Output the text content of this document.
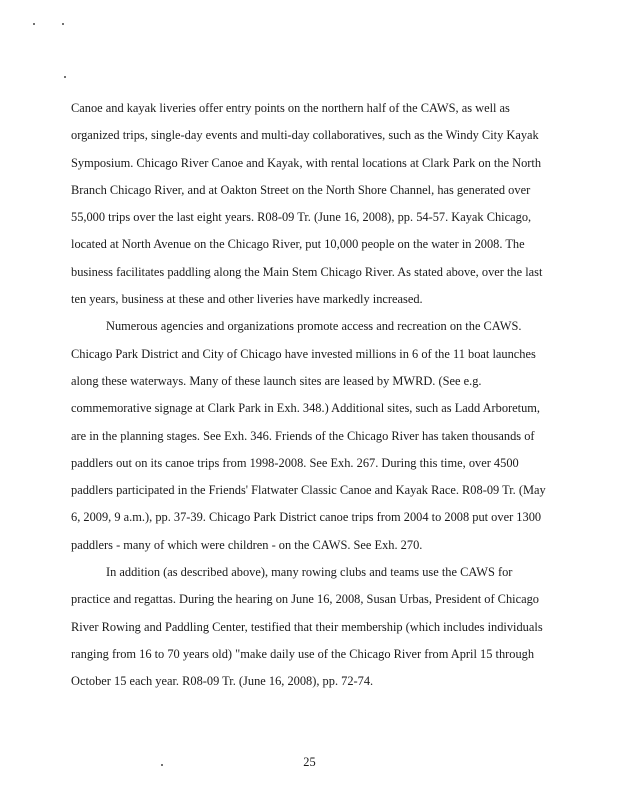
Canoe and kayak liveries offer entry points on the northern half of the CAWS, as well as
organized trips, single-day events and multi-day collaboratives, such as the Windy City Kayak
Symposium. Chicago River Canoe and Kayak, with rental locations at Clark Park on the North
Branch Chicago River, and at Oakton Street on the North Shore Channel, has generated over
55,000 trips over the last eight years. R08-09 Tr. (June 16, 2008), pp. 54-57. Kayak Chicago,
located at North Avenue on the Chicago River, put 10,000 people on the water in 2008. The
business facilitates paddling along the Main Stem Chicago River. As stated above, over the last
ten years, business at these and other liveries have markedly increased.
Numerous agencies and organizations promote access and recreation on the CAWS.
Chicago Park District and City of Chicago have invested millions in 6 of the 11 boat launches
along these waterways. Many of these launch sites are leased by MWRD. (See e.g.
commemorative signage at Clark Park in Exh. 348.) Additional sites, such as Ladd Arboretum,
are in the planning stages. See Exh. 346. Friends of the Chicago River has taken thousands of
paddlers out on its canoe trips from 1998-2008. See Exh. 267. During this time, over 4500
paddlers participated in the Friends' Flatwater Classic Canoe and Kayak Race. R08-09 Tr. (May
6, 2009, 9 a.m.), pp. 37-39. Chicago Park District canoe trips from 2004 to 2008 put over 1300
paddlers - many of which were children - on the CAWS. See Exh. 270.
In addition (as described above), many rowing clubs and teams use the CAWS for
practice and regattas. During the hearing on June 16, 2008, Susan Urbas, President of Chicago
River Rowing and Paddling Center, testified that their membership (which includes individuals
ranging from 16 to 70 years old) "make daily use of the Chicago River from April 15 through
October 15 each year. R08-09 Tr. (June 16, 2008), pp. 72-74.
25
